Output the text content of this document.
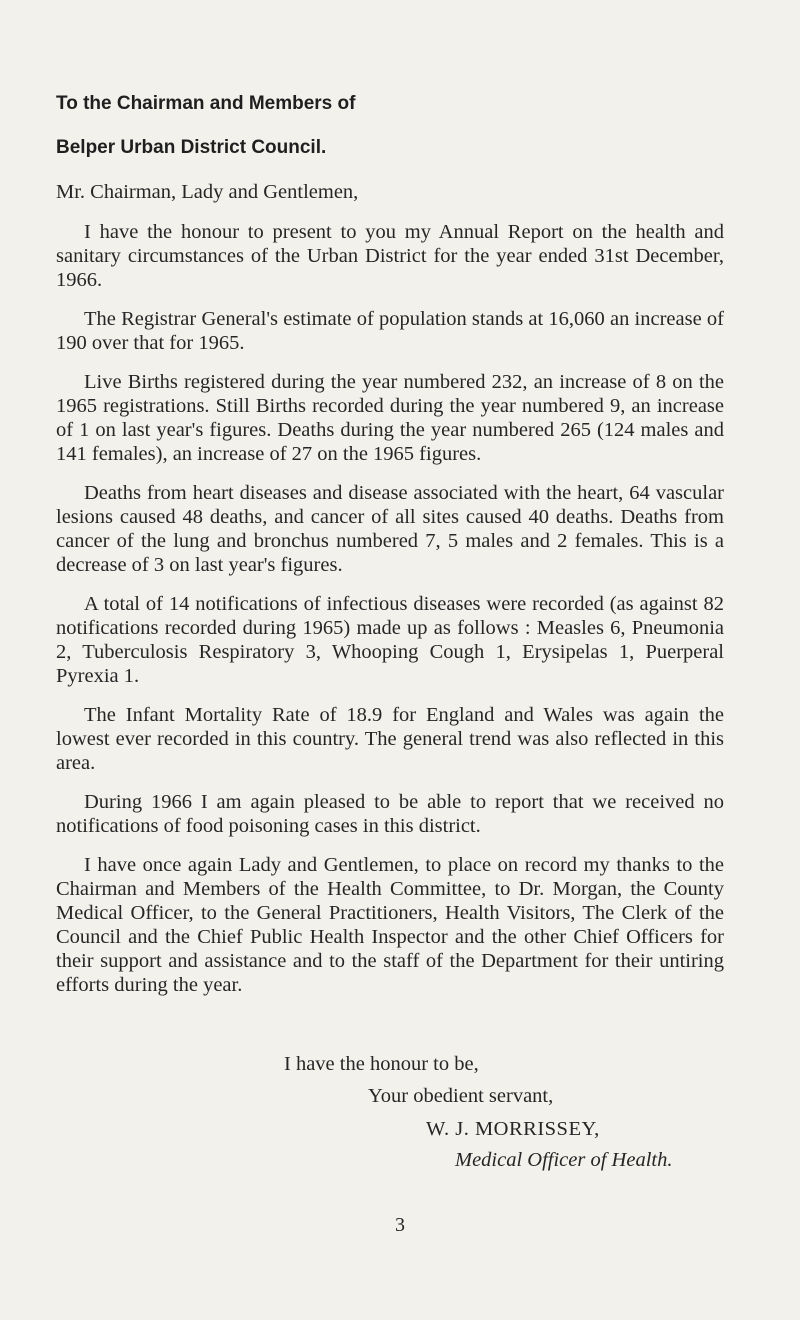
To the Chairman and Members of
Belper Urban District Council.

Mr. Chairman, Lady and Gentlemen,

I have the honour to present to you my Annual Report on the health and sanitary circumstances of the Urban District for the year ended 31st December, 1966.

The Registrar General's estimate of population stands at 16,060 an increase of 190 over that for 1965.

Live Births registered during the year numbered 232, an increase of 8 on the 1965 registrations. Still Births recorded during the year numbered 9, an increase of 1 on last year's figures. Deaths during the year numbered 265 (124 males and 141 females), an increase of 27 on the 1965 figures.

Deaths from heart diseases and disease associated with the heart, 64 vascular lesions caused 48 deaths, and cancer of all sites caused 40 deaths. Deaths from cancer of the lung and bronchus numbered 7, 5 males and 2 females. This is a decrease of 3 on last year's figures.

A total of 14 notifications of infectious diseases were recorded (as against 82 notifications recorded during 1965) made up as follows : Measles 6, Pneumonia 2, Tuberculosis Respiratory 3, Whooping Cough 1, Erysipelas 1, Puerperal Pyrexia 1.

The Infant Mortality Rate of 18.9 for England and Wales was again the lowest ever recorded in this country. The general trend was also reflected in this area.

During 1966 I am again pleased to be able to report that we received no notifications of food poisoning cases in this district.

I have once again Lady and Gentlemen, to place on record my thanks to the Chairman and Members of the Health Committee, to Dr. Morgan, the County Medical Officer, to the General Practitioners, Health Visitors, The Clerk of the Council and the Chief Public Health Inspector and the other Chief Officers for their support and assistance and to the staff of the Department for their untiring efforts during the year.

I have the honour to be,
Your obedient servant,
W. J. MORRISSEY,
Medical Officer of Health.
3
